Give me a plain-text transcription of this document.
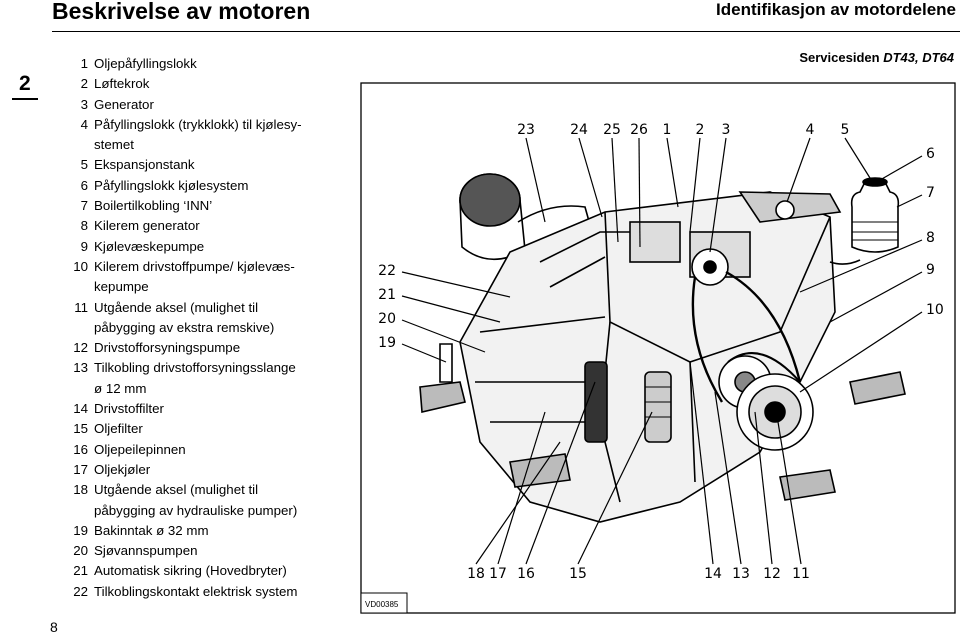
Beskrivelse av motoren	Identifikasjon av motordelene
2
Servicesiden DT43, DT64
1 Oljepåfyllingslokk
2 Løftekrok
3 Generator
4 Påfyllingslokk (trykklokk) til kjølesy-
stemet
5 Ekspansjonstank
6 Påfyllingslokk kjølesystem
7 Boilertilkobling ‘INN’
8 Kilerem generator
9 Kjølevæskepumpe
10 Kilerem drivstoffpumpe/ kjølevæs-
kepumpe
11 Utgående aksel (mulighet til
påbygging av ekstra remskive)
12 Drivstofforsyningspumpe
13 Tilkobling drivstofforsyningsslange
ø 12 mm
14 Drivstoffilter
15 Oljefilter
16 Oljepeilepinnen
17 Oljekjøler
18 Utgående aksel (mulighet til
påbygging av hydrauliske pumper)
19 Bakinntak ø 32 mm
20 Sjøvannspumpen
21 Automatisk sikring (Hovedbryter)
22 Tilkoblingskontakt elektrisk system
8
VD00385
23	24 25 26 1 2 3	4 5
6
7
8
9
10
22
21
20
19
18 17 16 15	14 13 12 11
